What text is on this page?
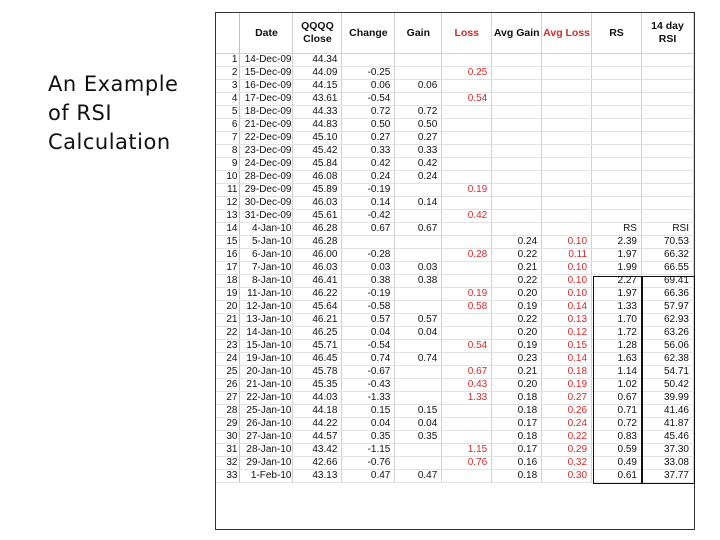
An Example
of RSI
Calculation
	Date	QQQQ Close	Change	Gain	Loss	Avg Gain	Avg Loss	RS	14 day RSI
1	14-Dec-09	44.34							
2	15-Dec-09	44.09	-0.25		0.25				
3	16-Dec-09	44.15	0.06	0.06					
4	17-Dec-09	43.61	-0.54		0.54				
5	18-Dec-09	44.33	0.72	0.72					
6	21-Dec-09	44.83	0.50	0.50					
7	22-Dec-09	45.10	0.27	0.27					
8	23-Dec-09	45.42	0.33	0.33					
9	24-Dec-09	45.84	0.42	0.42					
10	28-Dec-09	46.08	0.24	0.24					
11	29-Dec-09	45.89	-0.19		0.19				
12	30-Dec-09	46.03	0.14	0.14					
13	31-Dec-09	45.61	-0.42		0.42				
14	4-Jan-10	46.28	0.67	0.67				RS	RSI
15	5-Jan-10	46.28				0.24	0.10	2.39	70.53
16	6-Jan-10	46.00	-0.28		0.28	0.22	0.11	1.97	66.32
17	7-Jan-10	46.03	0.03	0.03		0.21	0.10	1.99	66.55
18	8-Jan-10	46.41	0.38	0.38		0.22	0.10	2.27	69.41
19	11-Jan-10	46.22	-0.19		0.19	0.20	0.10	1.97	66.36
20	12-Jan-10	45.64	-0.58		0.58	0.19	0.14	1.33	57.97
21	13-Jan-10	46.21	0.57	0.57		0.22	0.13	1.70	62.93
22	14-Jan-10	46.25	0.04	0.04		0.20	0.12	1.72	63.26
23	15-Jan-10	45.71	-0.54		0.54	0.19	0.15	1.28	56.06
24	19-Jan-10	46.45	0.74	0.74		0.23	0.14	1.63	62.38
25	20-Jan-10	45.78	-0.67		0.67	0.21	0.18	1.14	54.71
26	21-Jan-10	45.35	-0.43		0.43	0.20	0.19	1.02	50.42
27	22-Jan-10	44.03	-1.33		1.33	0.18	0.27	0.67	39.99
28	25-Jan-10	44.18	0.15	0.15		0.18	0.26	0.71	41.46
29	26-Jan-10	44.22	0.04	0.04		0.17	0.24	0.72	41.87
30	27-Jan-10	44.57	0.35	0.35		0.18	0.22	0.83	45.46
31	28-Jan-10	43.42	-1.15		1.15	0.17	0.29	0.59	37.30
32	29-Jan-10	42.66	-0.76		0.76	0.16	0.32	0.49	33.08
33	1-Feb-10	43.13	0.47	0.47		0.18	0.30	0.61	37.77
